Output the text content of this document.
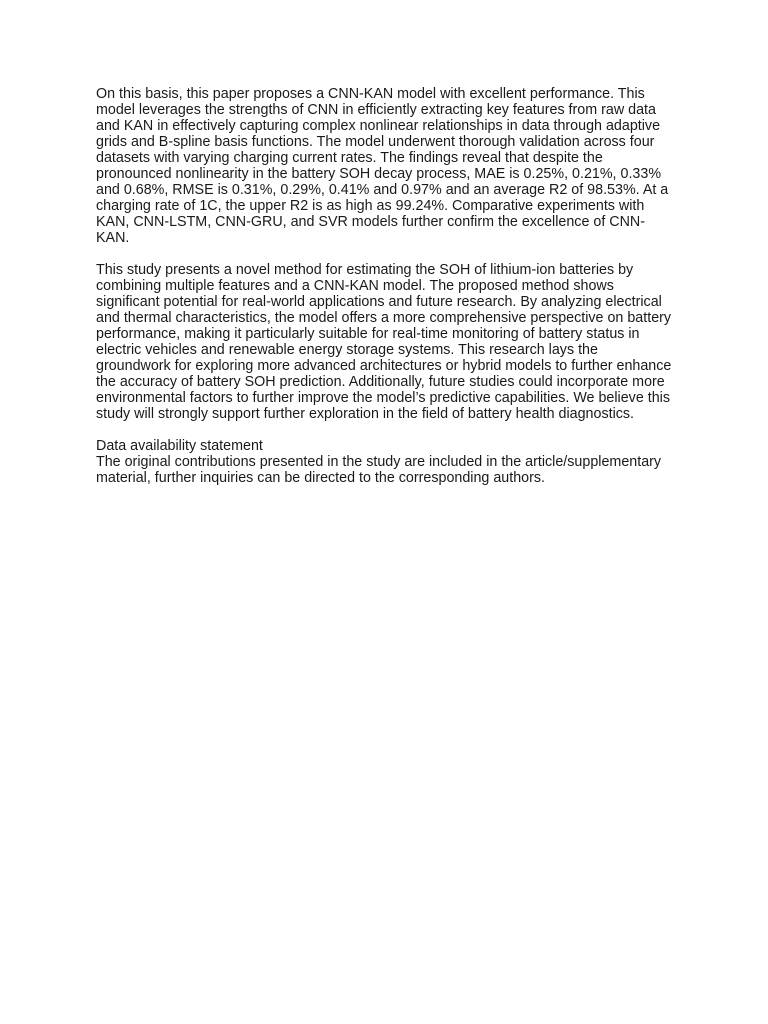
On this basis, this paper proposes a CNN-KAN model with excellent performance. This model leverages the strengths of CNN in efficiently extracting key features from raw data and KAN in effectively capturing complex nonlinear relationships in data through adaptive grids and B-spline basis functions. The model underwent thorough validation across four datasets with varying charging current rates. The findings reveal that despite the pronounced nonlinearity in the battery SOH decay process, MAE is 0.25%, 0.21%, 0.33% and 0.68%, RMSE is 0.31%, 0.29%, 0.41% and 0.97% and an average R2 of 98.53%. At a charging rate of 1C, the upper R2 is as high as 99.24%. Comparative experiments with KAN, CNN-LSTM, CNN-GRU, and SVR models further confirm the excellence of CNN-KAN.

This study presents a novel method for estimating the SOH of lithium-ion batteries by combining multiple features and a CNN-KAN model. The proposed method shows significant potential for real-world applications and future research. By analyzing electrical and thermal characteristics, the model offers a more comprehensive perspective on battery performance, making it particularly suitable for real-time monitoring of battery status in electric vehicles and renewable energy storage systems. This research lays the groundwork for exploring more advanced architectures or hybrid models to further enhance the accuracy of battery SOH prediction. Additionally, future studies could incorporate more environmental factors to further improve the model’s predictive capabilities. We believe this study will strongly support further exploration in the field of battery health diagnostics.

Data availability statement

The original contributions presented in the study are included in the article/supplementary material, further inquiries can be directed to the corresponding authors.
